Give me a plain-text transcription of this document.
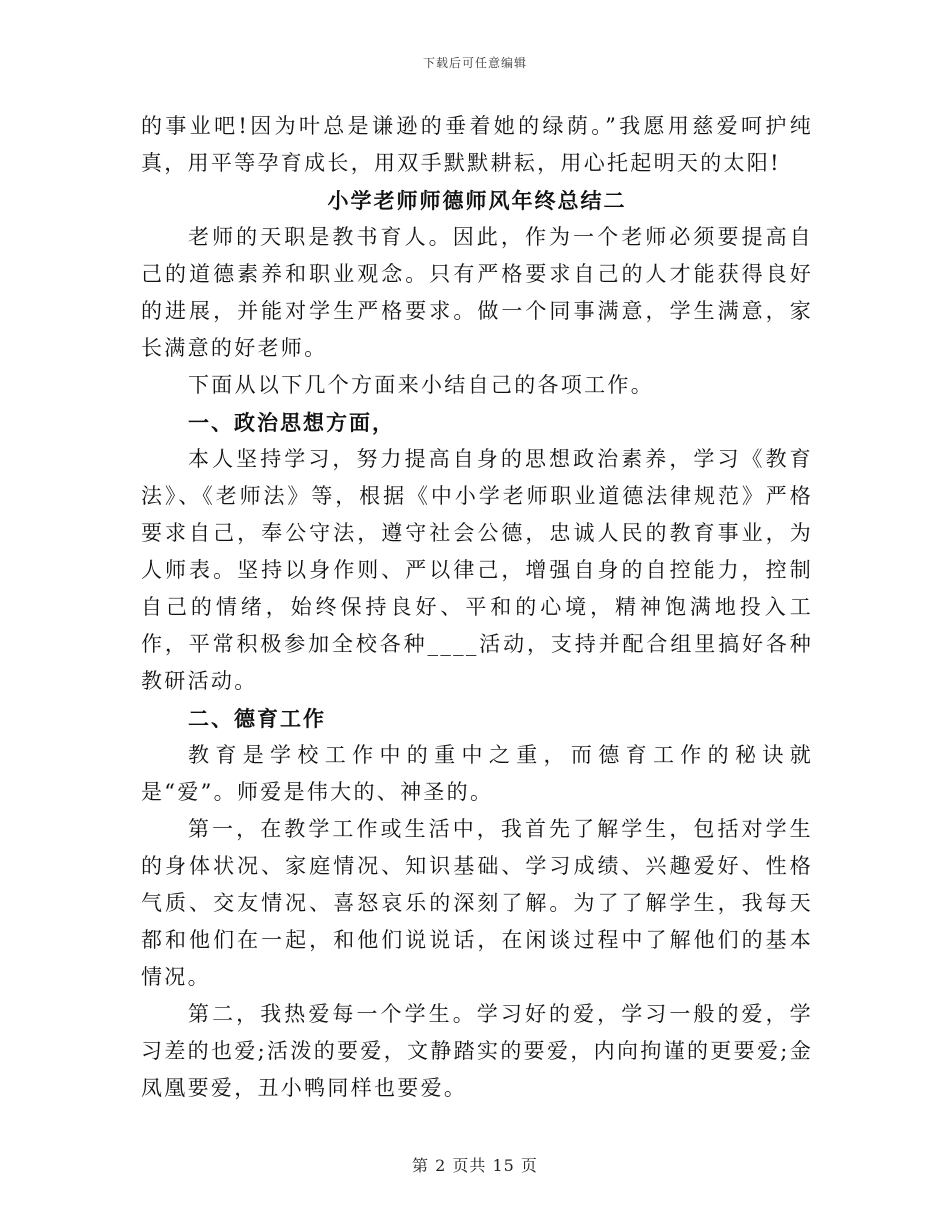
下载后可任意编辑

的事业吧!因为叶总是谦逊的垂着她的绿荫。”我愿用慈爱呵护纯真，用平等孕育成长，用双手默默耕耘，用心托起明天的太阳!

小学老师师德师风年终总结二

老师的天职是教书育人。因此，作为一个老师必须要提高自己的道德素养和职业观念。只有严格要求自己的人才能获得良好的进展，并能对学生严格要求。做一个同事满意，学生满意，家长满意的好老师。

下面从以下几个方面来小结自己的各项工作。

一、政治思想方面，

本人坚持学习，努力提高自身的思想政治素养，学习《教育法》、《老师法》等，根据《中小学老师职业道德法律规范》严格要求自己，奉公守法，遵守社会公德，忠诚人民的教育事业，为人师表。坚持以身作则、严以律己，增强自身的自控能力，控制自己的情绪，始终保持良好、平和的心境，精神饱满地投入工作，平常积极参加全校各种____活动，支持并配合组里搞好各种教研活动。

二、德育工作

教育是学校工作中的重中之重，而德育工作的秘诀就是“爱”。师爱是伟大的、神圣的。

第一，在教学工作或生活中，我首先了解学生，包括对学生的身体状况、家庭情况、知识基础、学习成绩、兴趣爱好、性格气质、交友情况、喜怒哀乐的深刻了解。为了了解学生，我每天都和他们在一起，和他们说说话，在闲谈过程中了解他们的基本情况。

第二，我热爱每一个学生。学习好的爱，学习一般的爱，学习差的也爱;活泼的要爱，文静踏实的要爱，内向拘谨的更要爱;金凤凰要爱，丑小鸭同样也要爱。

第 2 页共 15 页
